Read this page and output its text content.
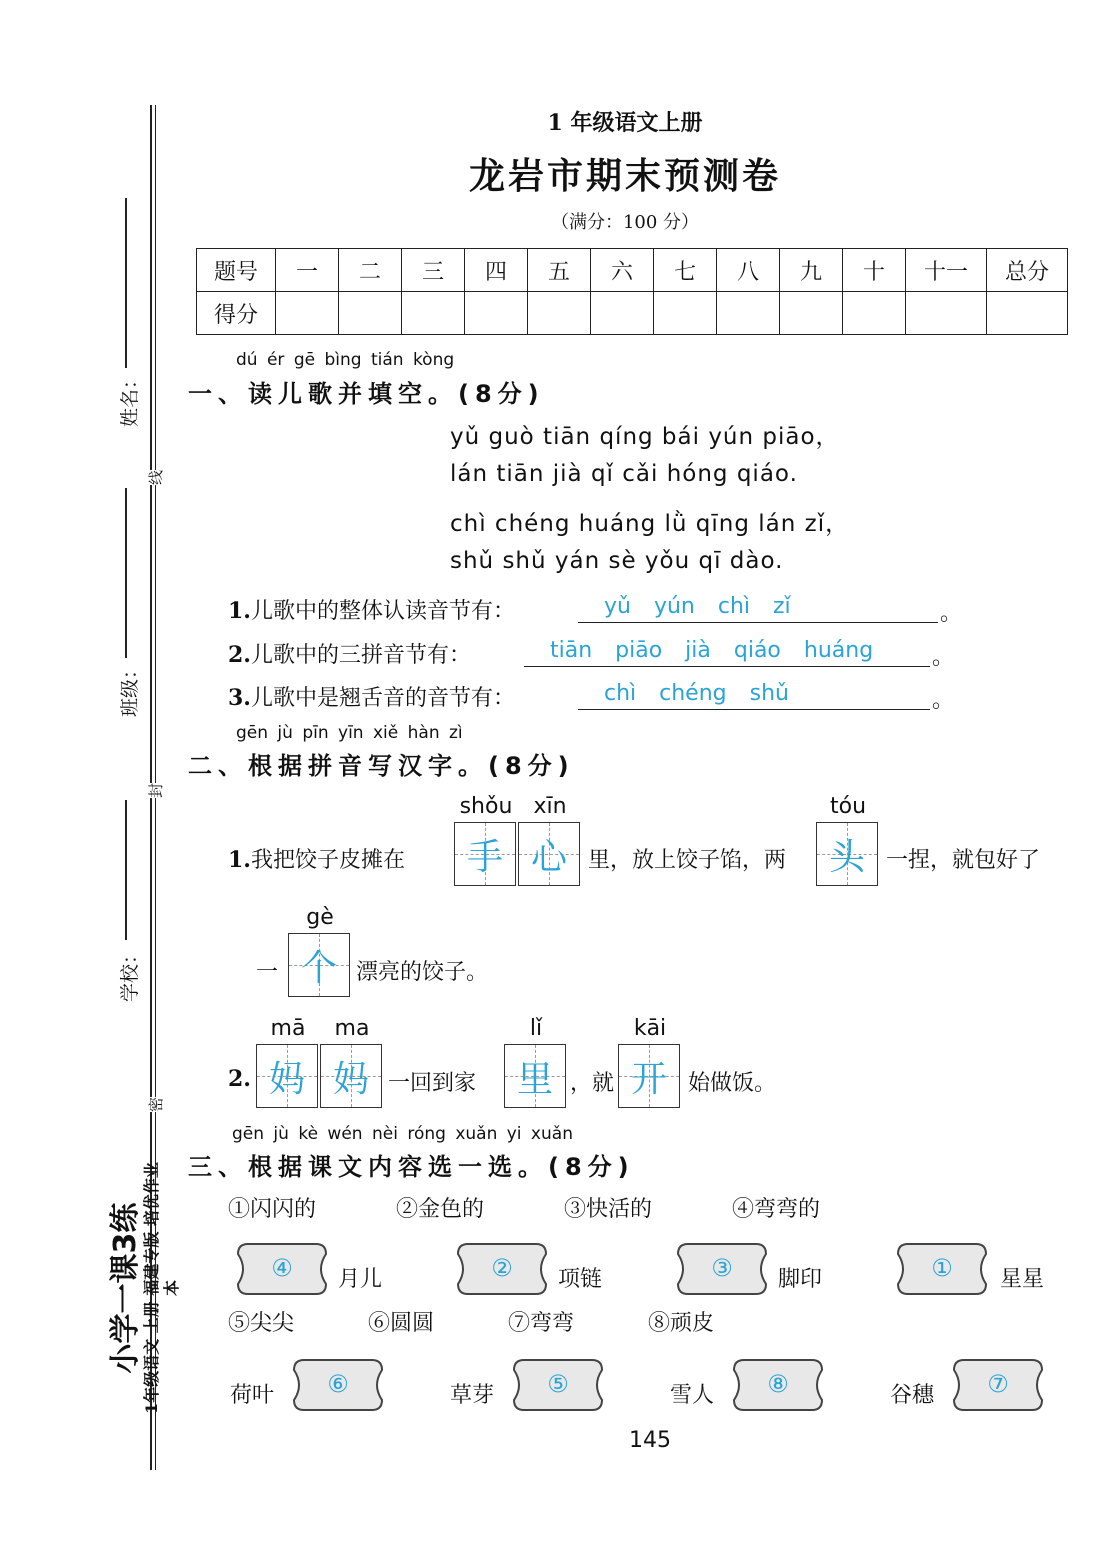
姓名：
班级：
学校：
线
封
密
小学一课3练 1年级语文 上册 福建专版 培优作业本
1 年级语文上册
龙岩市期末预测卷
（满分：100 分）
题号	一	二	三	四	五	六	七	八	九	十	十一	总分
得分												
dú ér gē bìng tián kòng
一、读儿歌并填空。(8分)
yǔ guò tiān qíng bái yún piāo，
lán tiān jià qǐ cǎi hóng qiáo.
chì chéng huáng lǜ qīng lán zǐ，
shǔ shǔ yán sè yǒu qī dào.
1.儿歌中的整体认读音节有：	yǔ yún chì zǐ	。
2.儿歌中的三拼音节有：	tiān piāo jià qiáo huáng	。
3.儿歌中是翘舌音的音节有：	chì chéng shǔ	。
gēn jù pīn yīn xiě hàn zì
二、根据拼音写汉字。(8分)
shǒu xīn	tóu
1.我把饺子皮摊在	手 心 里，放上饺子馅，两	头 一捏，就包好了
gè
一 个 漂亮的饺子。
mā	ma	lǐ	kāi
2. 妈 妈 一回到家	里 ，就 开 始做饭。
gēn jù kè wén nèi róng xuǎn yi xuǎn
三、根据课文内容选一选。(8分)
①闪闪的	②金色的	③快活的	④弯弯的
④	月儿	②	项链	③	脚印	①	星星
⑤尖尖	⑥圆圆	⑦弯弯	⑧顽皮
荷叶	⑥	草芽	⑤	雪人	⑧	谷穗	⑦
145
